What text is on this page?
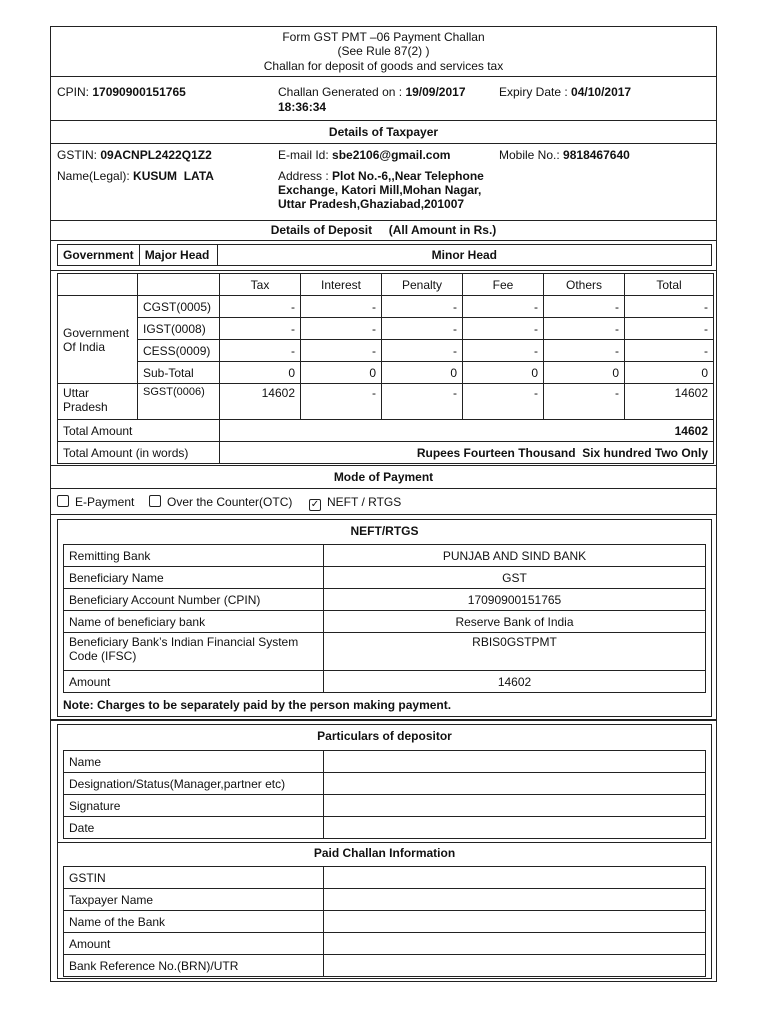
Form GST PMT –06 Payment Challan
(See Rule 87(2) )
Challan for deposit of goods and services tax
CPIN: 17090900151765	Challan Generated on : 19/09/2017
18:36:34
Expiry Date : 04/10/2017
Details of Taxpayer
GSTIN: 09ACNPL2422Q1Z2	E-mail Id: sbe2106@gmail.com	Mobile No.: 9818467640
Name(Legal): KUSUM  LATA	Address : Plot No.-6,,Near Telephone
Exchange, Katori Mill,Mohan Nagar,
Uttar Pradesh,Ghaziabad,201007
Details of Deposit     (All Amount in Rs.)
Government	Major Head	Minor Head
		Tax	Interest	Penalty	Fee	Others	Total

Government
Of India	CGST(0005)	-	-	-	-	-	-
	IGST(0008)	-	-	-	-	-	-
	CESS(0009)	-	-	-	-	-	-
	Sub-Total	0	0	0	0	0	0

Uttar
Pradesh	SGST(0006)	14602	-	-	-	-	14602
Total Amount		14602					
Total Amount (in words)		Rupees Fourteen Thousand  Six hundred Two Only					
Mode of Payment
E-Payment	Over the Counter(OTC) ✓ NEFT / RTGS
NEFT/RTGS
Remitting Bank	PUNJAB AND SIND BANK
Beneficiary Name	GST
Beneficiary Account Number (CPIN)	17090900151765
Name of beneficiary bank	Reserve Bank of India

Beneficiary Bank’s Indian Financial System
Code (IFSC)	RBIS0GSTPMT
Amount	14602
Note: Charges to be separately paid by the person making payment.
Particulars of depositor
Name	
Designation/Status(Manager,partner etc)	
Signature	
Date	
Paid Challan Information
GSTIN	
Taxpayer Name	
Name of the Bank	
Amount	
Bank Reference No.(BRN)/UTR	
